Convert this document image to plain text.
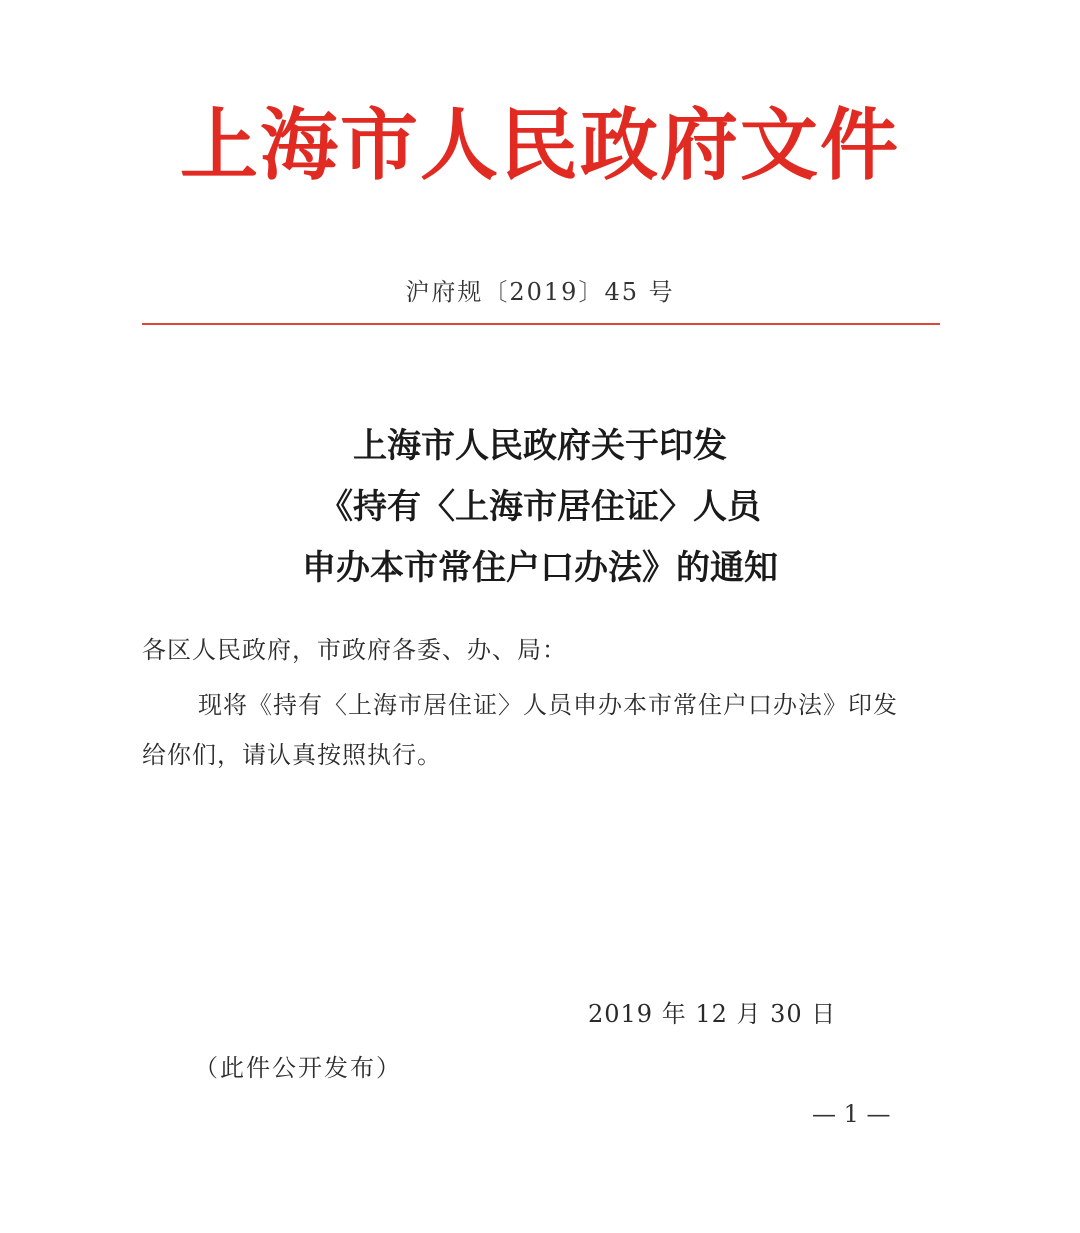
上海市人民政府文件
沪府规〔2019〕45 号
上海市人民政府关于印发
《持有〈上海市居住证〉人员
申办本市常住户口办法》的通知
各区人民政府，市政府各委、办、局：
现将《持有〈上海市居住证〉人员申办本市常住户口办法》印发
给你们，请认真按照执行。
2019 年 12 月 30 日
（此件公开发布）
— 1 —
